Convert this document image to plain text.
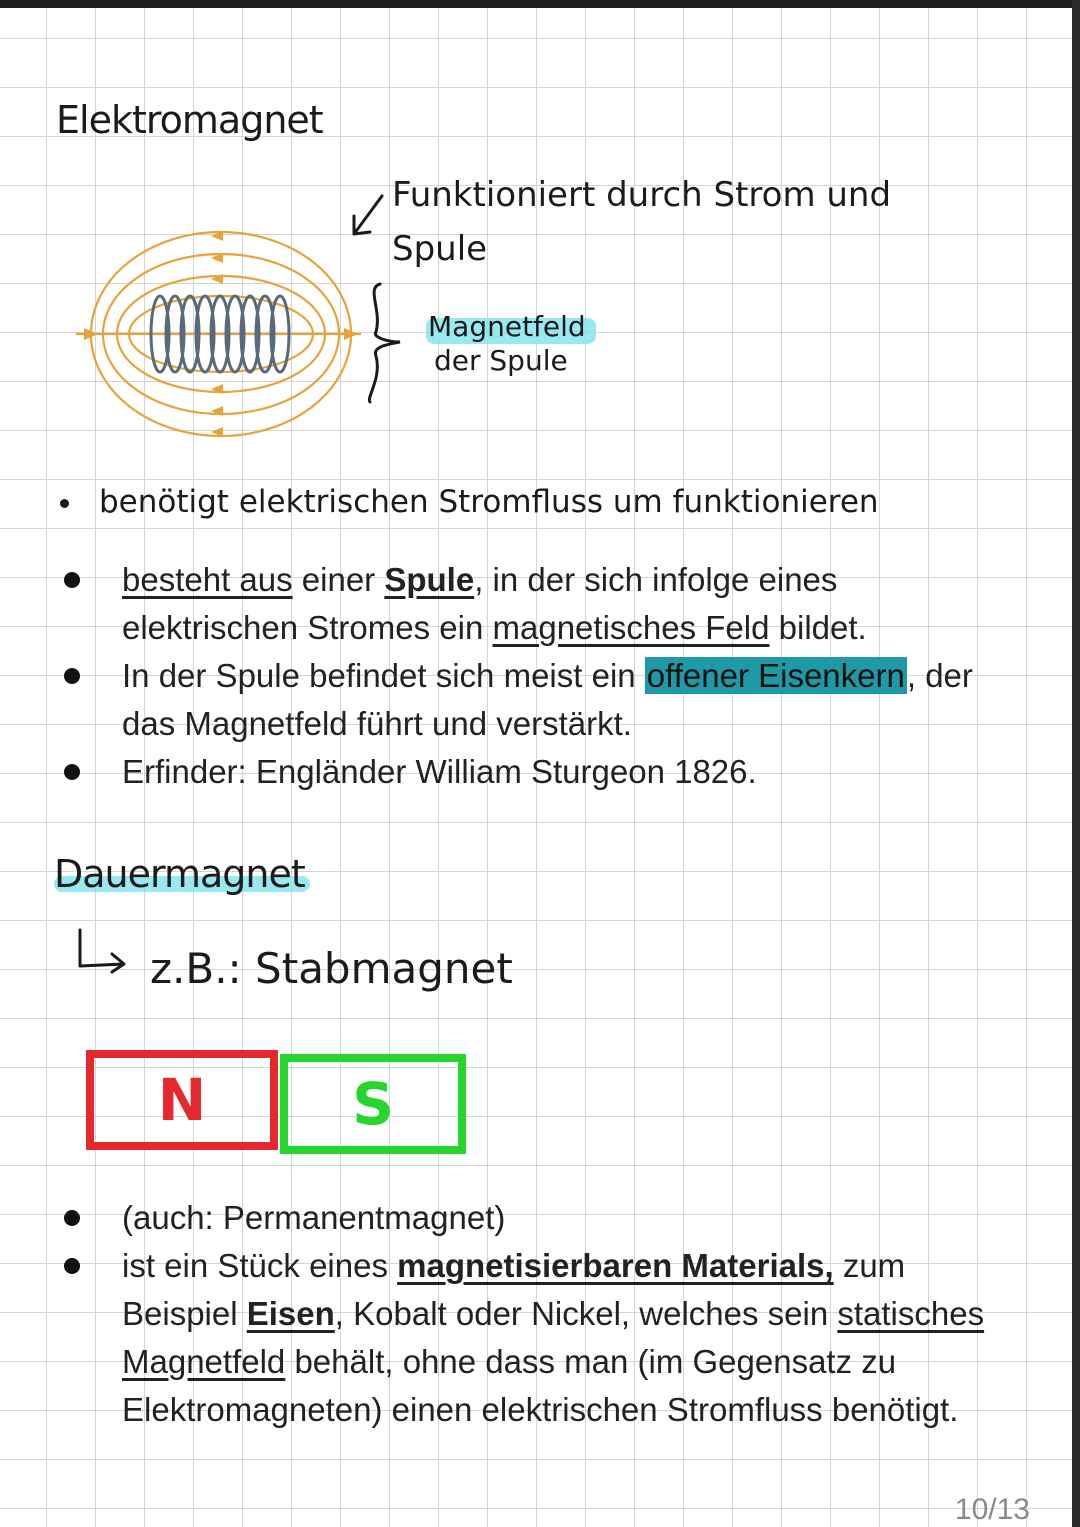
Elektromagnet
Funktioniert durch Strom und
Spule
Magnetfeld
der Spule
benötigt elektrischen Stromfluss um funktionieren
besteht aus einer Spule, in der sich infolge eines elektrischen Stromes ein magnetisches Feld bildet.
In der Spule befindet sich meist ein offener Eisenkern, der das Magnetfeld führt und verstärkt.
Erfinder: Engländer William Sturgeon 1826.
Dauermagnet
z.B.: Stabmagnet
N	S
(auch: Permanentmagnet)
ist ein Stück eines magnetisierbaren Materials, zum Beispiel Eisen, Kobalt oder Nickel, welches sein statisches Magnetfeld behält, ohne dass man (im Gegensatz zu Elektromagneten) einen elektrischen Stromfluss benötigt.
10/13
